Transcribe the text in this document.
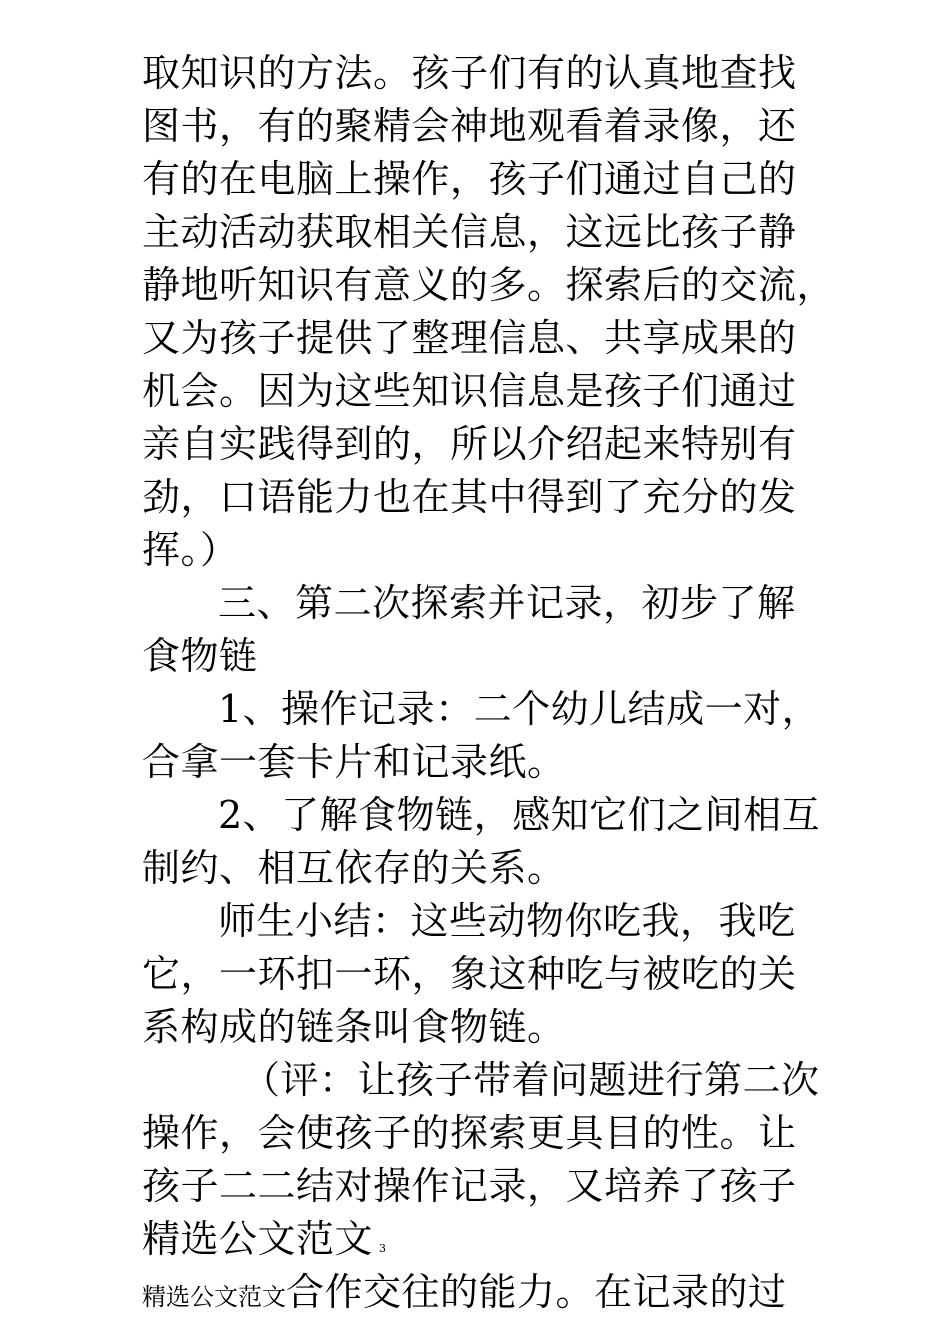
取知识的方法。孩子们有的认真地查找
图书，有的聚精会神地观看着录像，还
有的在电脑上操作，孩子们通过自己的
主动活动获取相关信息，这远比孩子静
静地听知识有意义的多。探索后的交流，
又为孩子提供了整理信息、共享成果的
机会。因为这些知识信息是孩子们通过
亲自实践得到的，所以介绍起来特别有
劲，口语能力也在其中得到了充分的发
挥。）
三、第二次探索并记录，初步了解
食物链
1、操作记录：二个幼儿结成一对，
合拿一套卡片和记录纸。
2、了解食物链，感知它们之间相互
制约、相互依存的关系。
师生小结：这些动物你吃我，我吃
它，一环扣一环，象这种吃与被吃的关
系构成的链条叫食物链。
（评：让孩子带着问题进行第二次
操作，会使孩子的探索更具目的性。让
孩子二二结对操作记录，又培养了孩子
精选公文范文 3
精选公文范文合作交往的能力。在记录的过
